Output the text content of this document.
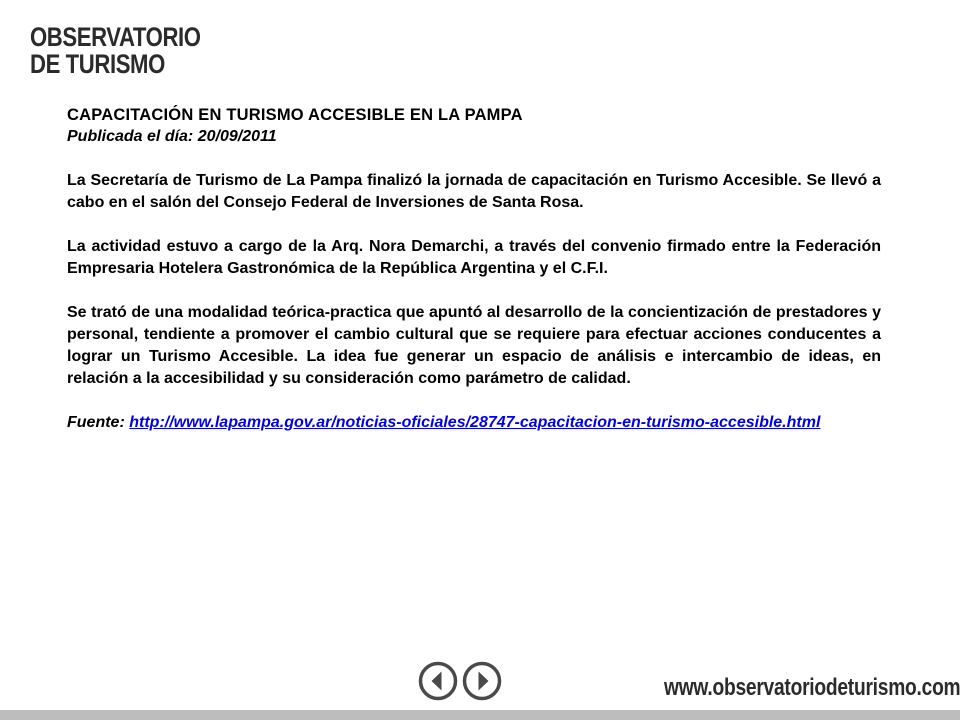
OBSERVATORIO
DE TURISMO

CAPACITACIÓN EN TURISMO ACCESIBLE EN LA PAMPA

Publicada el día: 20/09/2011

La Secretaría de Turismo de La Pampa finalizó la jornada de capacitación en Turismo Accesible. Se llevó a cabo en el salón del Consejo Federal de Inversiones de Santa Rosa.

La actividad estuvo a cargo de la Arq. Nora Demarchi, a través del convenio firmado entre la Federación Empresaria Hotelera Gastronómica de la República Argentina y el C.F.I.

Se trató de una modalidad teórica-practica que apuntó al desarrollo de la concientización de prestadores y personal, tendiente a promover el cambio cultural que se requiere para efectuar acciones conducentes a lograr un Turismo Accesible. La idea fue generar un espacio de análisis e intercambio de ideas, en relación a la accesibilidad y su consideración como parámetro de calidad.

Fuente: http://www.lapampa.gov.ar/noticias-oficiales/28747-capacitacion-en-turismo-accesible.html

www.observatoriodeturismo.com
